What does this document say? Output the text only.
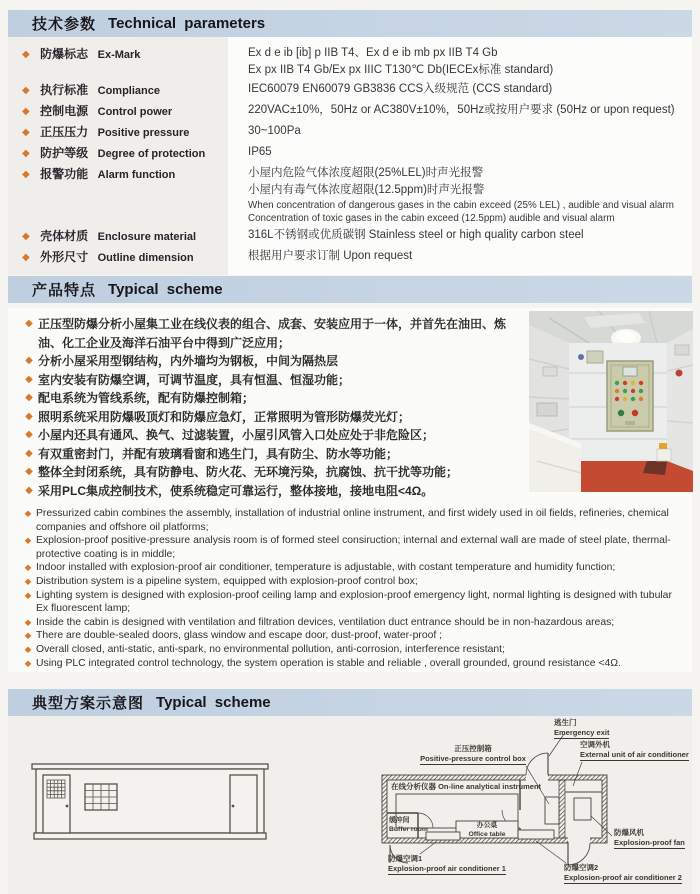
技术参数 Technical parameters
◆ 防爆标志 Ex-Mark	Ex d e ib [ib] p IIB T4、Ex d e ib mb px IIB T4 Gb
Ex px IIB T4 Gb/Ex px IIIC T130℃ Db(IECEx标准 standard)
◆ 执行标准 Compliance	IEC60079 EN60079 GB3836 CCS入级规范 (CCS standard)
◆ 控制电源 Control power	220VAC±10%，50Hz or AC380V±10%，50Hz或按用户要求 (50Hz or upon request)
◆ 正压压力 Positive pressure	30~100Pa
◆ 防护等级 Degree of protection	IP65
◆ 报警功能 Alarm function	小屋内危险气体浓度超限(25%LEL)时声光报警
小屋内有毒气体浓度超限(12.5ppm)时声光报警
When concentration of dangerous gases in the cabin exceed (25% LEL) , audible and visual alarm
Concentration of toxic gases in the cabin exceed (12.5ppm) audible and visual alarm
◆ 壳体材质 Enclosure material	316L不锈钢或优质碳钢 Stainless steel or high quality carbon steel
◆ 外形尺寸 Outline dimension	根据用户要求订制 Upon request
产品特点 Typical scheme
◆ 正压型防爆分析小屋集工业在线仪表的组合、成套、安装应用于一体，并首先在油田、炼油、化工企业及海洋石油平台中得到广泛应用；
◆ 分析小屋采用型钢结构，内外墙均为钢板，中间为隔热层
◆ 室内安装有防爆空调，可调节温度，具有恒温、恒湿功能；
◆ 配电系统为管线系统，配有防爆控制箱；
◆ 照明系统采用防爆吸顶灯和防爆应急灯，正常照明为管形防爆荧光灯；
◆ 小屋内还具有通风、换气、过滤装置，小屋引风管入口处应处于非危险区；
◆ 有双重密封门，并配有玻璃看窗和逃生门，具有防尘、防水等功能；
◆ 整体全封闭系统，具有防静电、防火花、无环境污染，抗腐蚀、抗干扰等功能；
◆ 采用PLC集成控制技术，使系统稳定可靠运行，整体接地，接地电阻<4Ω。
◆ Pressurized cabin combines the assembly, installation of industrial online instrument, and first widely used in oil fields, refineries, chemical companies and offshore oil platforms;
◆ Explosion-proof positive-pressure analysis room is of formed steel consiruction; internal and external wall are made of steel plate, thermal-protective coating is in middle;
◆ Indoor installed with explosion-proof air conditioner, temperature is adjustable, with costant temperature and humidity function;
◆ Distribution system is a pipeline system, equipped with explosion-proof control box;
◆ Lighting system is designed with explosion-proof ceiling lamp and explosion-proof emergency light, normal lighting is designed with tubular Ex fluorescent lamp;
◆ Inside the cabin is designed with ventilation and filtration devices, ventilation duct entrance should be in non-hazardous areas;
◆ There are double-sealed doors, glass window and escape door, dust-proof, water-proof ;
◆ Overall closed, anti-static, anti-spark, no environmental pollution, anti-corrosion, interference resistant;
◆ Using PLC integrated control technology, the system operation is stable and reliable , overall grounded, ground resistance <4Ω.
典型方案示意图 Typical scheme
逃生门
Emergency exit
正压控制箱
Positive-pressure control box
空调外机
External unit of air conditioner
在线分析仪器 On-line analytical instrument
缓冲间
Buffer room	办公桌
Office table
防爆空调1
Explosion-proof air conditioner 1	防爆空调2
Explosion-proof air conditioner 2
防爆风机
Explosion-proof fan
